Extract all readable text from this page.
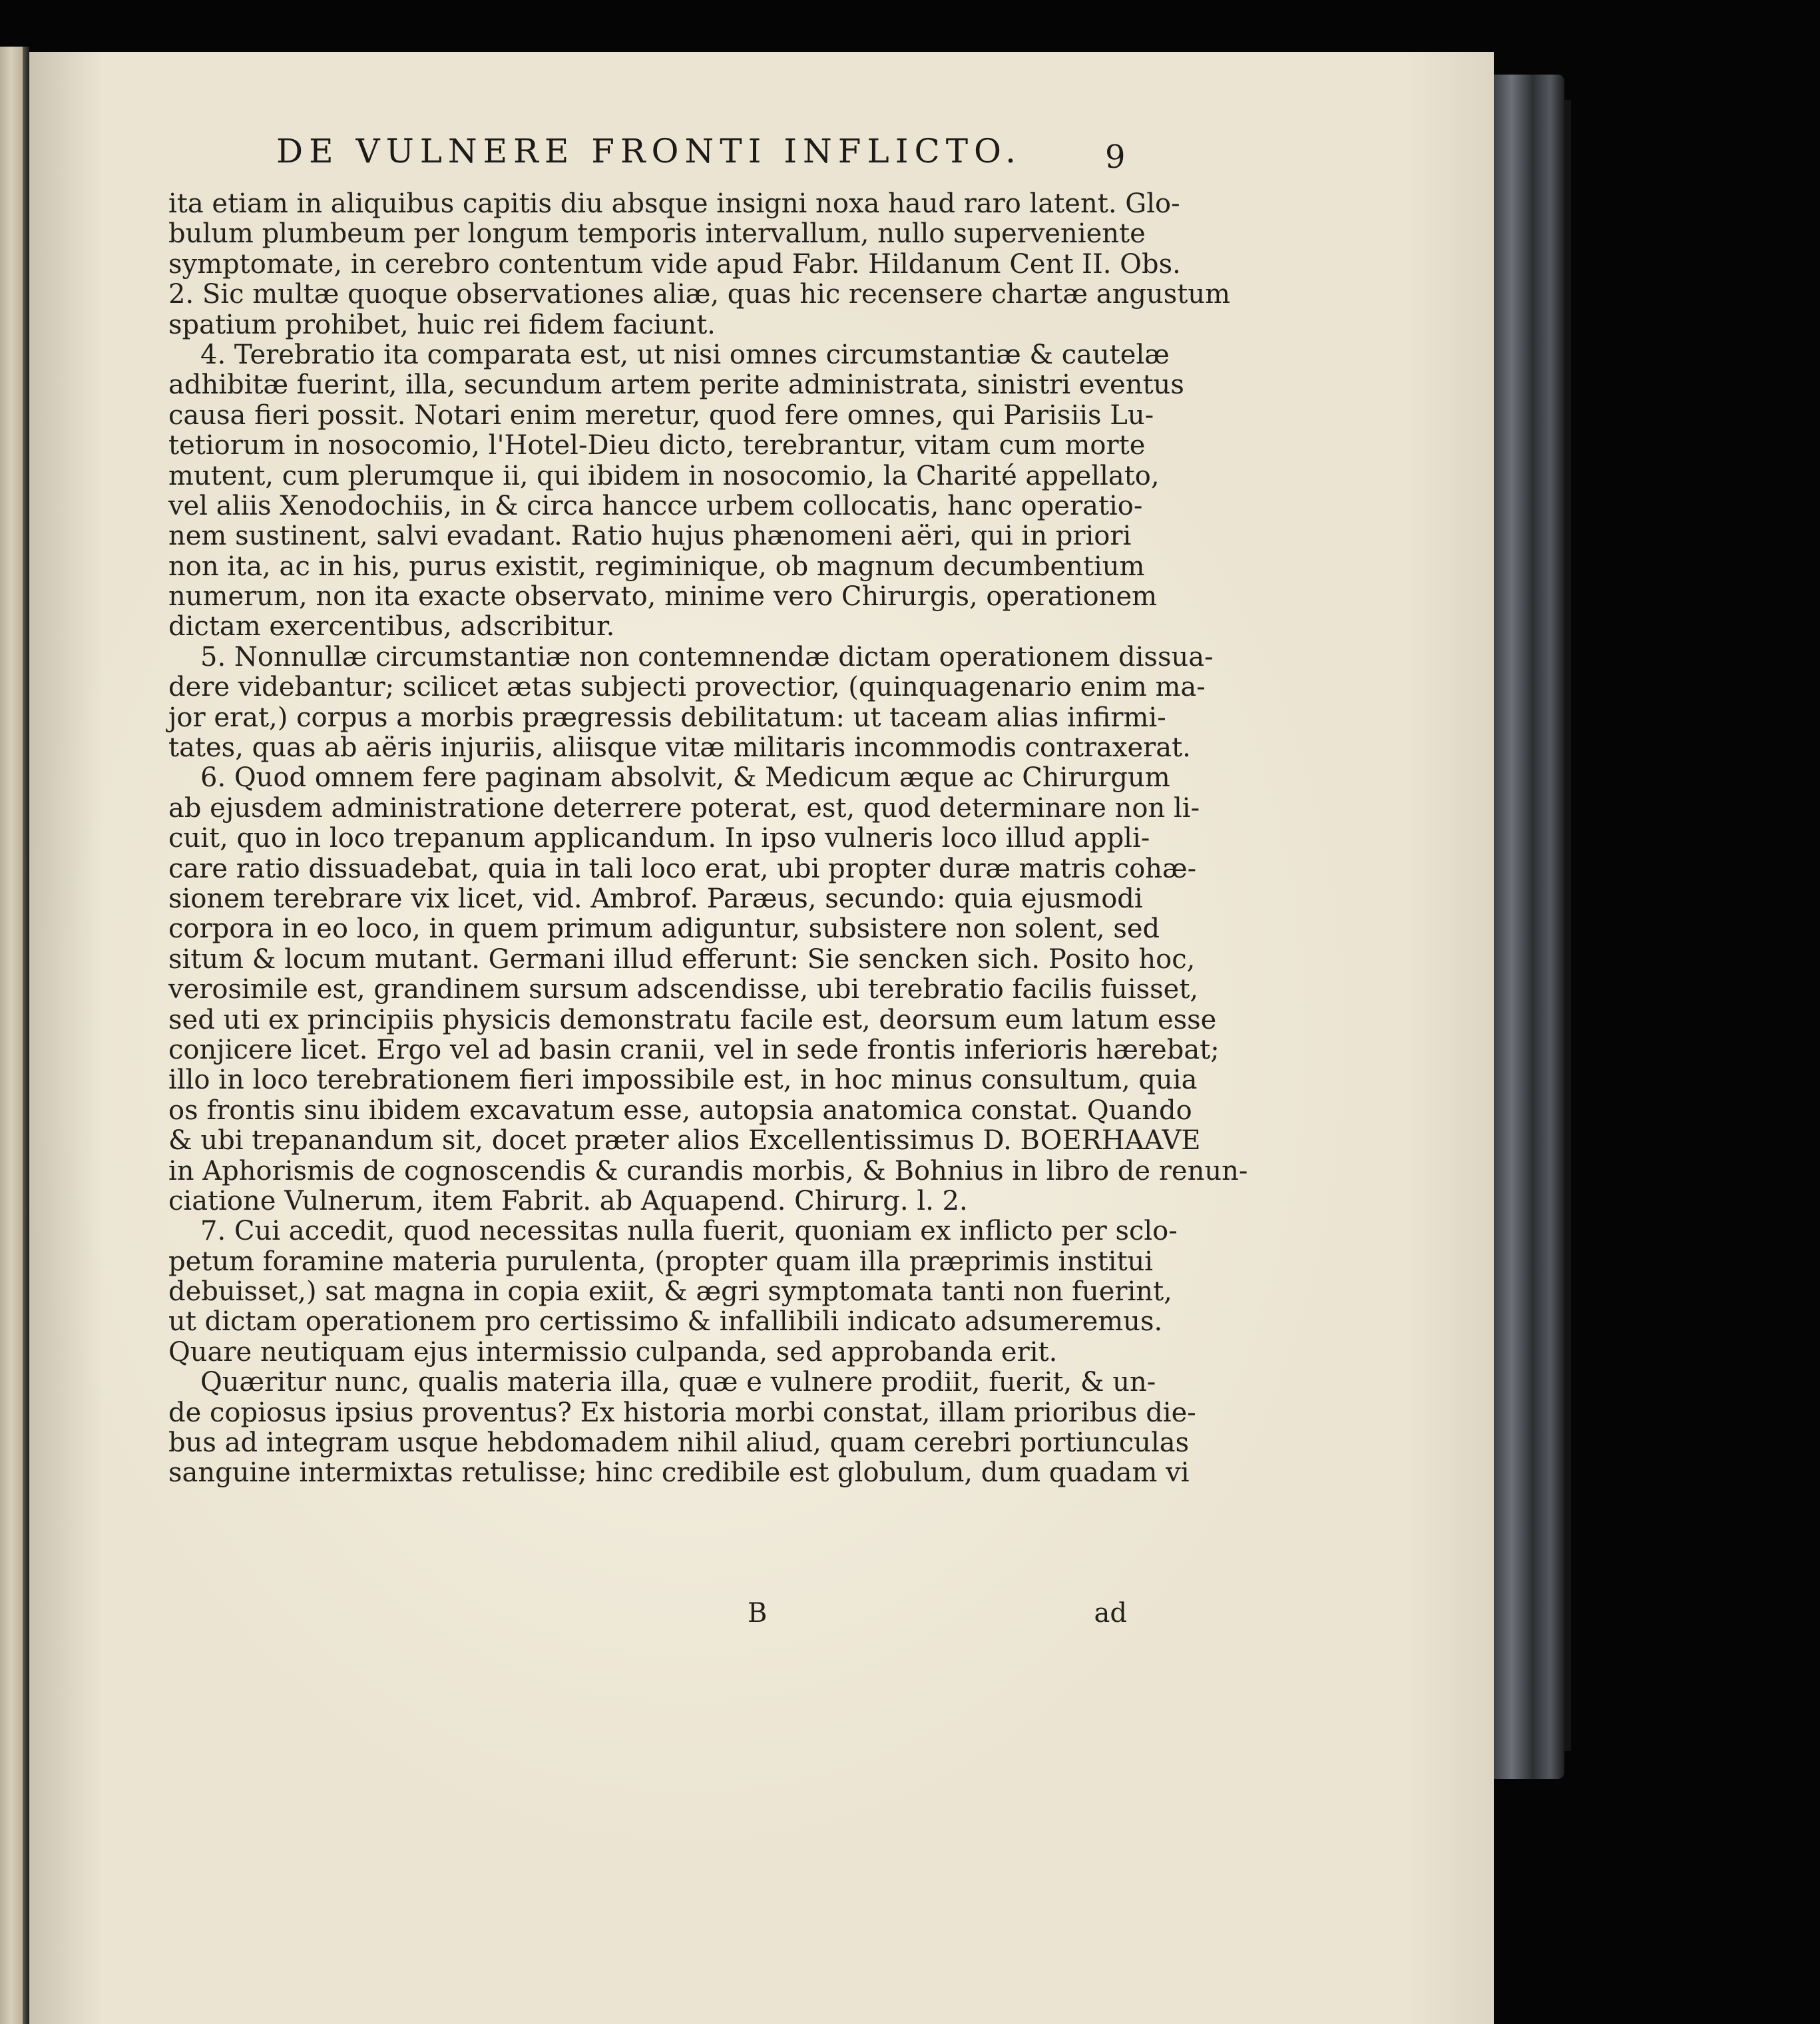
DE VULNERE FRONTI INFLICTO.	9
ita etiam in aliquibus capitis diu absque insigni noxa haud raro latent. Glo-
bulum plumbeum per longum temporis intervallum, nullo superveniente
symptomate, in cerebro contentum vide apud Fabr. Hildanum Cent II. Obs.
2. Sic multæ quoque observationes aliæ, quas hic recensere chartæ angustum
spatium prohibet, huic rei fidem faciunt.
4. Terebratio ita comparata est, ut nisi omnes circumstantiæ & cautelæ
adhibitæ fuerint, illa, secundum artem perite administrata, sinistri eventus
causa fieri possit. Notari enim meretur, quod fere omnes, qui Parisiis Lu-
tetiorum in nosocomio, l'Hotel-Dieu dicto, terebrantur, vitam cum morte
mutent, cum plerumque ii, qui ibidem in nosocomio, la Charité appellato,
vel aliis Xenodochiis, in & circa hancce urbem collocatis, hanc operatio-
nem sustinent, salvi evadant. Ratio hujus phænomeni aëri, qui in priori
non ita, ac in his, purus existit, regiminique, ob magnum decumbentium
numerum, non ita exacte observato, minime vero Chirurgis, operationem
dictam exercentibus, adscribitur.
5. Nonnullæ circumstantiæ non contemnendæ dictam operationem dissua-
dere videbantur; scilicet ætas subjecti provectior, (quinquagenario enim ma-
jor erat,) corpus a morbis prægressis debilitatum: ut taceam alias infirmi-
tates, quas ab aëris injuriis, aliisque vitæ militaris incommodis contraxerat.
6. Quod omnem fere paginam absolvit, & Medicum æque ac Chirurgum
ab ejusdem administratione deterrere poterat, est, quod determinare non li-
cuit, quo in loco trepanum applicandum. In ipso vulneris loco illud appli-
care ratio dissuadebat, quia in tali loco erat, ubi propter duræ matris cohæ-
sionem terebrare vix licet, vid. Ambrof. Paræus, secundo: quia ejusmodi
corpora in eo loco, in quem primum adiguntur, subsistere non solent, sed
situm & locum mutant. Germani illud efferunt: Sie sencken sich. Posito hoc,
verosimile est, grandinem sursum adscendisse, ubi terebratio facilis fuisset,
sed uti ex principiis physicis demonstratu facile est, deorsum eum latum esse
conjicere licet. Ergo vel ad basin cranii, vel in sede frontis inferioris hærebat;
illo in loco terebrationem fieri impossibile est, in hoc minus consultum, quia
os frontis sinu ibidem excavatum esse, autopsia anatomica constat. Quando
& ubi trepanandum sit, docet præter alios Excellentissimus D. BOERHAAVE
in Aphorismis de cognoscendis & curandis morbis, & Bohnius in libro de renun-
ciatione Vulnerum, item Fabrit. ab Aquapend. Chirurg. l. 2.
7. Cui accedit, quod necessitas nulla fuerit, quoniam ex inflicto per sclo-
petum foramine materia purulenta, (propter quam illa præprimis institui
debuisset,) sat magna in copia exiit, & ægri symptomata tanti non fuerint,
ut dictam operationem pro certissimo & infallibili indicato adsumeremus.
Quare neutiquam ejus intermissio culpanda, sed approbanda erit.
Quæritur nunc, qualis materia illa, quæ e vulnere prodiit, fuerit, & un-
de copiosus ipsius proventus? Ex historia morbi constat, illam prioribus die-
bus ad integram usque hebdomadem nihil aliud, quam cerebri portiunculas
sanguine intermixtas retulisse; hinc credibile est globulum, dum quadam vi
B	ad
